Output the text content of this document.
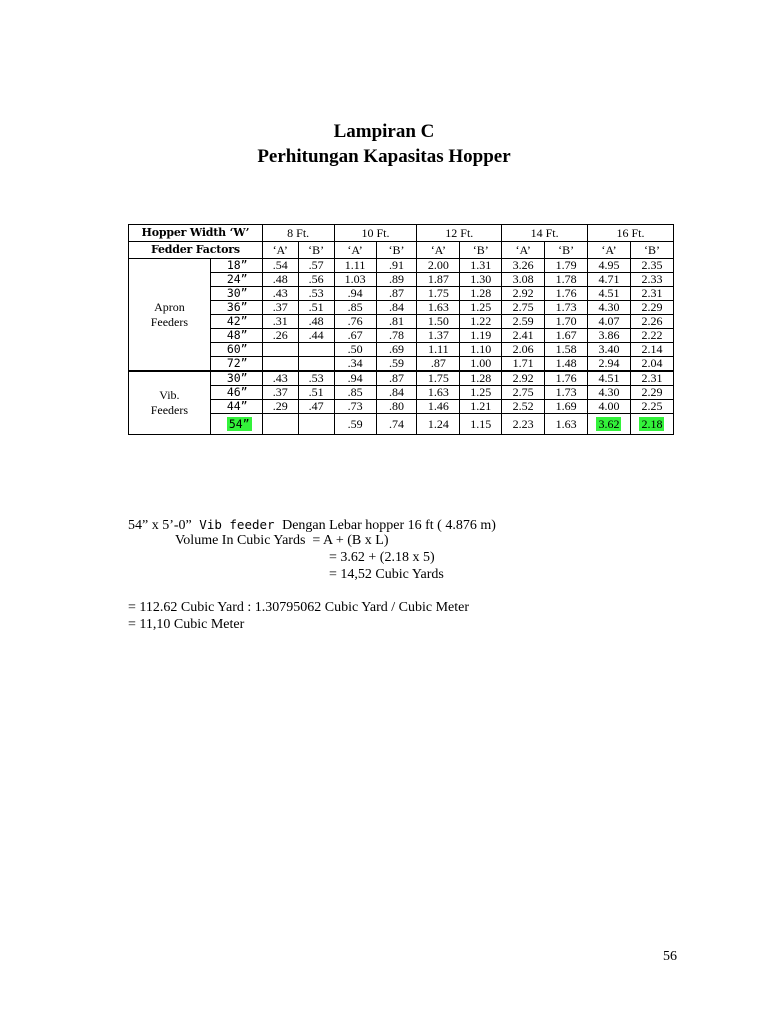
Lampiran C
Perhitungan Kapasitas Hopper
Hopper Width ‘W’		8 Ft.		10 Ft.		12 Ft.		14 Ft.		16 Ft.	
Fedder Factors		‘A’	‘B’	‘A’	‘B’	‘A’	‘B’	‘A’	‘B’	‘A’	‘B’
Apron
Feeders	18”	.54	.57	1.11	.91	2.00	1.31	3.26	1.79	4.95	2.35
	24”	.48	.56	1.03	.89	1.87	1.30	3.08	1.78	4.71	2.33
	30”	.43	.53	.94	.87	1.75	1.28	2.92	1.76	4.51	2.31
	36”	.37	.51	.85	.84	1.63	1.25	2.75	1.73	4.30	2.29
	42”	.31	.48	.76	.81	1.50	1.22	2.59	1.70	4.07	2.26
	48”	.26	.44	.67	.78	1.37	1.19	2.41	1.67	3.86	2.22
	60”			.50	.69	1.11	1.10	2.06	1.58	3.40	2.14
	72”			.34	.59	.87	1.00	1.71	1.48	2.94	2.04
Vib.
Feeders	30”	.43	.53	.94	.87	1.75	1.28	2.92	1.76	4.51	2.31
	46”	.37	.51	.85	.84	1.63	1.25	2.75	1.73	4.30	2.29
	44”	.29	.47	.73	.80	1.46	1.21	2.52	1.69	4.00	2.25
	54”			.59	.74	1.24	1.15	2.23	1.63	3.62	2.18
54” x 5’-0” Vib feeder Dengan Lebar hopper 16 ft ( 4.876 m)
Volume In Cubic Yards  = A + (B x L)
= 3.62 + (2.18 x 5)
= 14,52 Cubic Yards
= 112.62 Cubic Yard : 1.30795062 Cubic Yard / Cubic Meter
= 11,10 Cubic Meter
56
